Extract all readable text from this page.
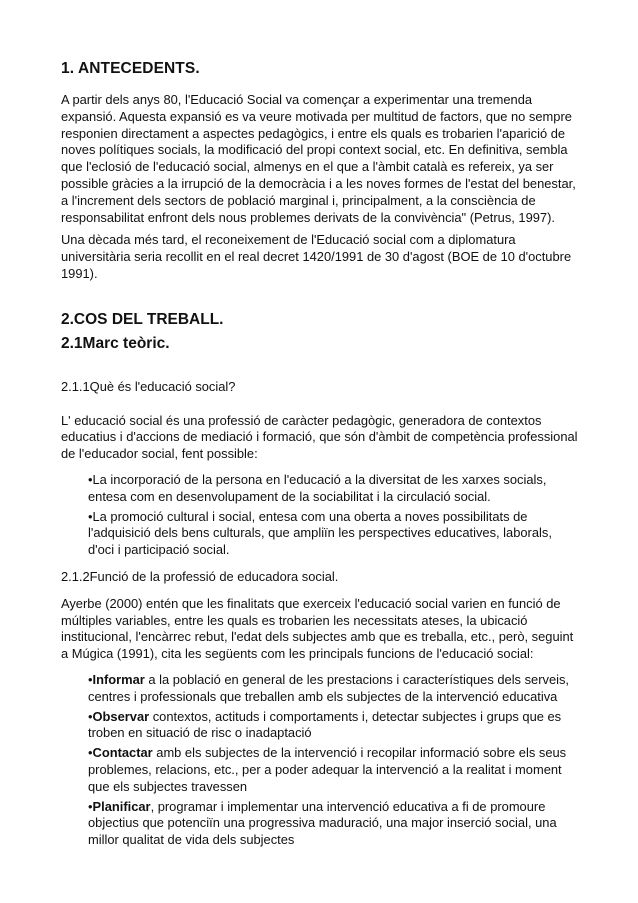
1. ANTECEDENTS.

A partir dels anys 80, l'Educació Social va començar a experimentar una tremenda expansió. Aquesta expansió es va veure motivada per multitud de factors, que no sempre responien directament a aspectes pedagògics, i entre els quals es trobarien l'aparició de noves polítiques socials, la modificació del propi context social, etc. En definitiva, sembla que l'eclosió de l'educació social, almenys en el que a l'àmbit català es refereix, ya ser possible gràcies a la irrupció de la democràcia i a les noves formes de l'estat del benestar, a l'increment dels sectors de població marginal i, principalment, a la consciència de responsabilitat enfront dels nous problemes derivats de la convivència" (Petrus, 1997).

Una dècada més tard, el reconeixement de l'Educació social com a diplomatura universitària seria recollit en el real decret 1420/1991 de 30 d'agost (BOE de 10 d'octubre 1991).

2.COS DEL TREBALL.
2.1Marc teòric.

2.1.1Què és l'educació social?

L' educació social és una professió de caràcter pedagògic, generadora de contextos educatius i d'accions de mediació i formació, que són d'àmbit de competència professional de l'educador social, fent possible:

•La incorporació de la persona en l'educació a la diversitat de les xarxes socials, entesa com en desenvolupament de la sociabilitat i la circulació social.

•La promoció cultural i social, entesa com una oberta a noves possibilitats de l'adquisició dels bens culturals, que ampliïn les perspectives educatives, laborals, d'oci i participació social.

2.1.2Funció de la professió de educadora social.

Ayerbe (2000) entén que les finalitats que exerceix l'educació social varien en funció de múltiples variables, entre les quals es trobarien les necessitats ateses, la ubicació institucional, l'encàrrec rebut, l'edat dels subjectes amb que es treballa, etc., però, seguint a Múgica (1991), cita les següents com les principals funcions de l'educació social:

•Informar a la població en general de les prestacions i característiques dels serveis, centres i professionals que treballen amb els subjectes de la intervenció educativa

•Observar contextos, actituds i comportaments i, detectar subjectes i grups que es troben en situació de risc o inadaptació

•Contactar amb els subjectes de la intervenció i recopilar informació sobre els seus problemes, relacions, etc., per a poder adequar la intervenció a la realitat i moment que els subjectes travessen

•Planificar, programar i implementar una intervenció educativa a fi de promoure objectius que potenciïn una progressiva maduració, una major inserció social, una millor qualitat de vida dels subjectes
